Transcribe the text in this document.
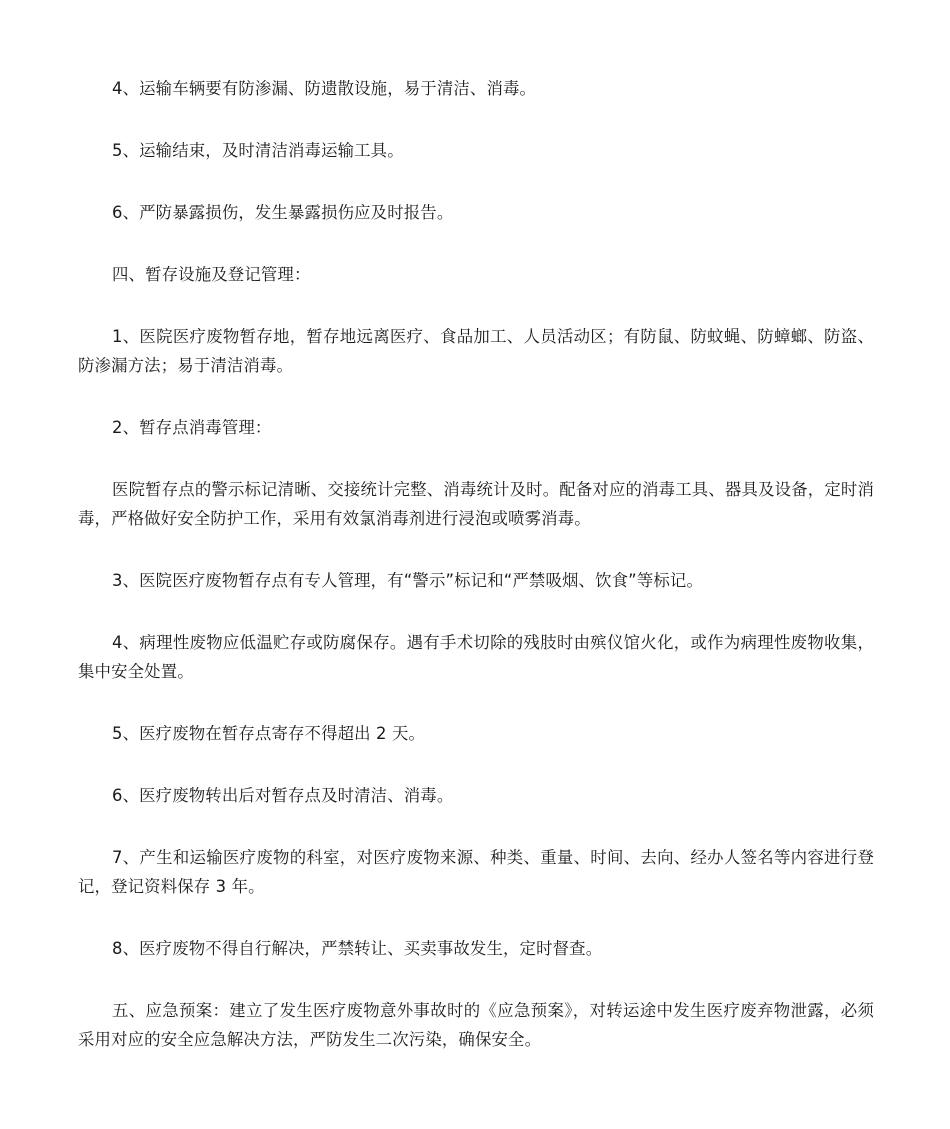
4、运输车辆要有防渗漏、防遗散设施，易于清洁、消毒。

5、运输结束，及时清洁消毒运输工具。

6、严防暴露损伤，发生暴露损伤应及时报告。

四、暂存设施及登记管理：

1、医院医疗废物暂存地，暂存地远离医疗、食品加工、人员活动区；有防鼠、防蚊蝇、防蟑螂、防盗、防渗漏方法；易于清洁消毒。

2、暂存点消毒管理：

医院暂存点的警示标记清晰、交接统计完整、消毒统计及时。配备对应的消毒工具、器具及设备，定时消毒，严格做好安全防护工作，采用有效氯消毒剂进行浸泡或喷雾消毒。

3、医院医疗废物暂存点有专人管理，有“警示”标记和“严禁吸烟、饮食”等标记。

4、病理性废物应低温贮存或防腐保存。遇有手术切除的残肢时由殡仪馆火化，或作为病理性废物收集，集中安全处置。

5、医疗废物在暂存点寄存不得超出 2 天。

6、医疗废物转出后对暂存点及时清洁、消毒。

7、产生和运输医疗废物的科室，对医疗废物来源、种类、重量、时间、去向、经办人签名等内容进行登记，登记资料保存 3 年。

8、医疗废物不得自行解决，严禁转让、买卖事故发生，定时督查。

五、应急预案：建立了发生医疗废物意外事故时的《应急预案》，对转运途中发生医疗废弃物泄露，必须采用对应的安全应急解决方法，严防发生二次污染，确保安全。
